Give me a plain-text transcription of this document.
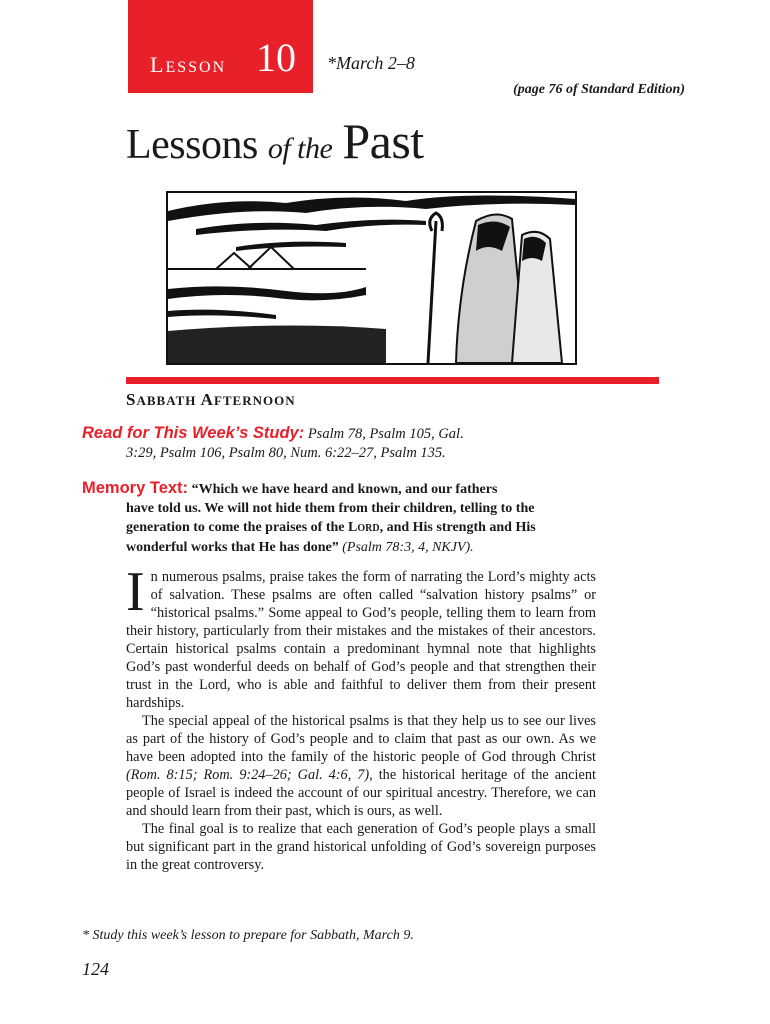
LESSON 10 *March 2–8
(page 76 of Standard Edition)
Lessons of the Past
SABBATH AFTERNOON
Read for This Week’s Study: Psalm 78, Psalm 105, Gal.
3:29, Psalm 106, Psalm 80, Num. 6:22–27, Psalm 135.
Memory Text: “Which we have heard and known, and our fathers
have told us. We will not hide them from their children, telling to the
generation to come the praises of the LORD, and His strength and His
wonderful works that He has done” (Psalm 78:3, 4, NKJV).

In numerous psalms, praise takes the form of narrating the Lord’s mighty acts of salvation. These psalms are often called “salvation history psalms” or “historical psalms.” Some appeal to God’s people, telling them to learn from their history, particularly from their mistakes and the mistakes of their ancestors. Certain historical psalms contain a predominant hymnal note that highlights God’s past wonderful deeds on behalf of God’s people and that strengthen their trust in the Lord, who is able and faithful to deliver them from their present hardships.

The special appeal of the historical psalms is that they help us to see our lives as part of the history of God’s people and to claim that past as our own. As we have been adopted into the family of the historic people of God through Christ (Rom. 8:15; Rom. 9:24–26; Gal. 4:6, 7), the historical heritage of the ancient people of Israel is indeed the account of our spiritual ancestry. Therefore, we can and should learn from their past, which is ours, as well.

The final goal is to realize that each generation of God’s people plays a small but significant part in the grand historical unfolding of God’s sovereign purposes in the great controversy.

* Study this week’s lesson to prepare for Sabbath, March 9.
124
